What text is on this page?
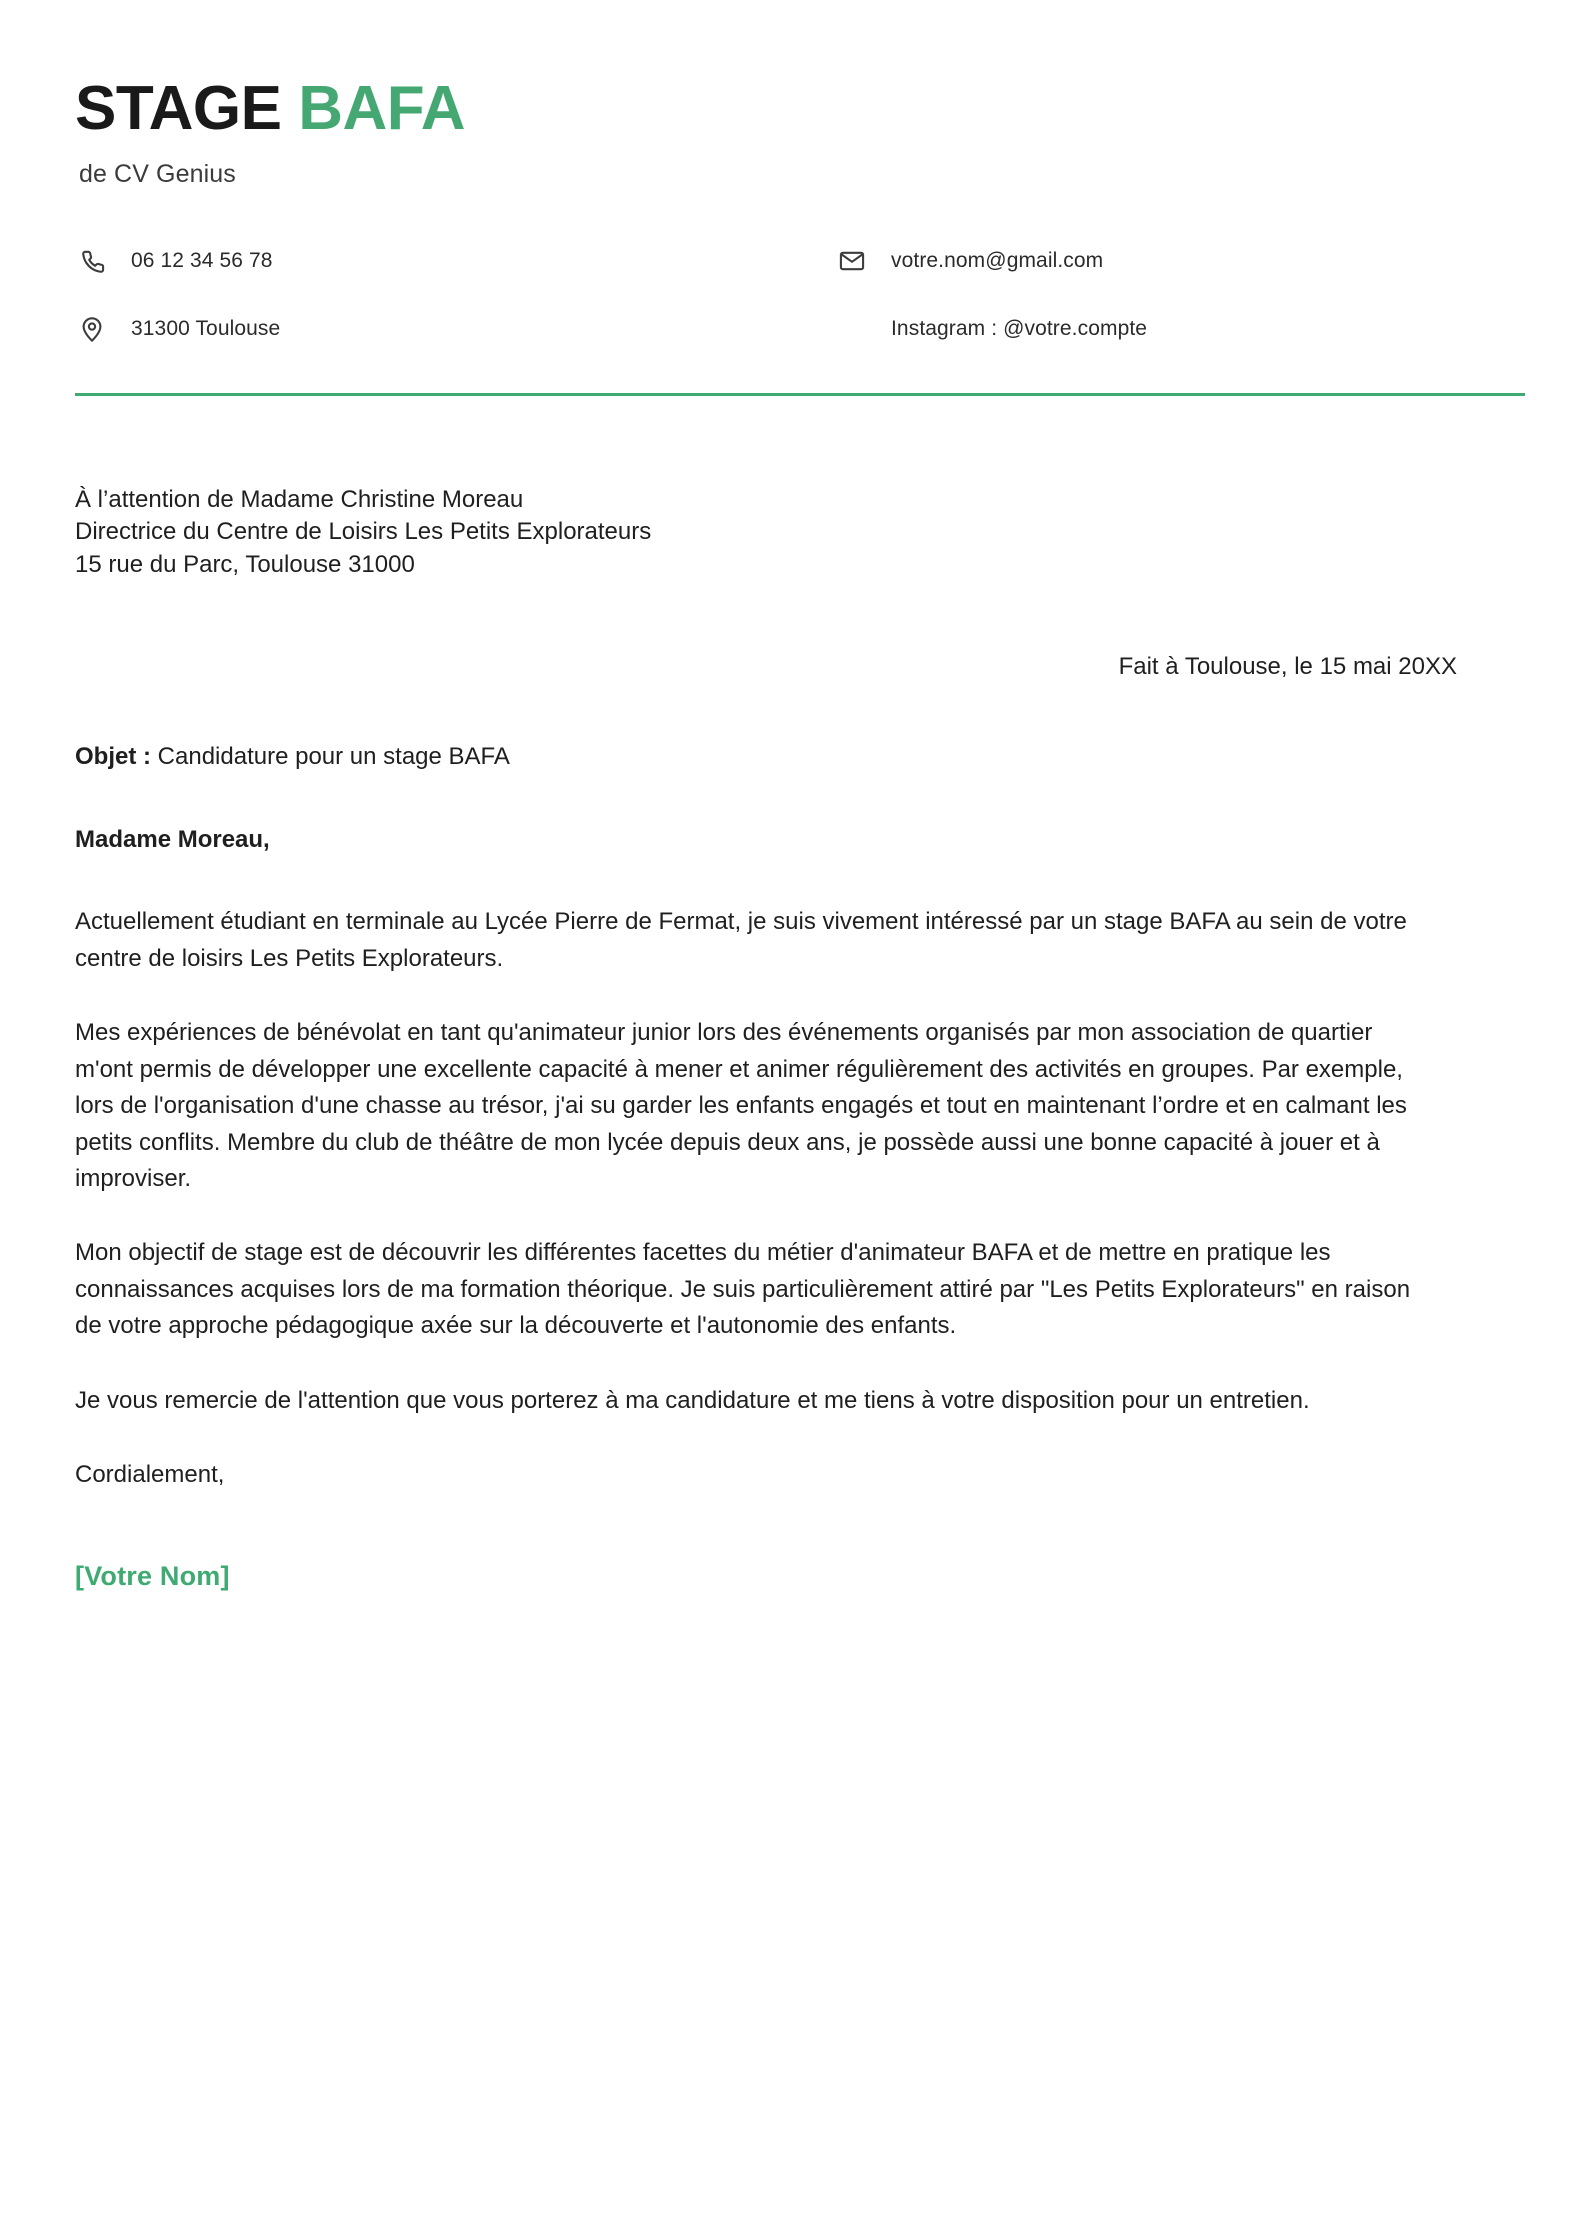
STAGE BAFA
de CV Genius
06 12 34 56 78	votre.nom@gmail.com
31300 Toulouse	Instagram : @votre.compte
À l’attention de Madame Christine Moreau
Directrice du Centre de Loisirs Les Petits Explorateurs
15 rue du Parc, Toulouse 31000
Fait à Toulouse, le 15 mai 20XX
Objet : Candidature pour un stage BAFA
Madame Moreau,

Actuellement étudiant en terminale au Lycée Pierre de Fermat, je suis vivement intéressé par un stage BAFA au sein de votre centre de loisirs Les Petits Explorateurs.

Mes expériences de bénévolat en tant qu'animateur junior lors des événements organisés par mon association de quartier m'ont permis de développer une excellente capacité à mener et animer régulièrement des activités en groupes. Par exemple, lors de l'organisation d'une chasse au trésor, j'ai su garder les enfants engagés et tout en maintenant l’ordre et en calmant les petits conflits. Membre du club de théâtre de mon lycée depuis deux ans, je possède aussi une bonne capacité à jouer et à improviser.

Mon objectif de stage est de découvrir les différentes facettes du métier d'animateur BAFA et de mettre en pratique les connaissances acquises lors de ma formation théorique. Je suis particulièrement attiré par "Les Petits Explorateurs" en raison de votre approche pédagogique axée sur la découverte et l'autonomie des enfants.

Je vous remercie de l'attention que vous porterez à ma candidature et me tiens à votre disposition pour un entretien.

Cordialement,
[Votre Nom]
